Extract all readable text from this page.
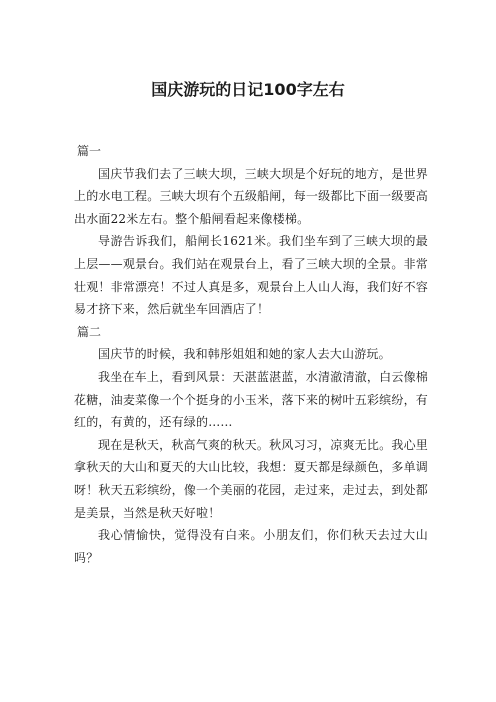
国庆游玩的日记100字左右

篇一

国庆节我们去了三峡大坝，三峡大坝是个好玩的地方，是世界上的水电工程。三峡大坝有个五级船闸，每一级都比下面一级要高出水面22米左右。整个船闸看起来像楼梯。

导游告诉我们，船闸长1621米。我们坐车到了三峡大坝的最上层——观景台。我们站在观景台上，看了三峡大坝的全景。非常壮观！非常漂亮！不过人真是多，观景台上人山人海，我们好不容易才挤下来，然后就坐车回酒店了！

篇二

国庆节的时候，我和韩彤姐姐和她的家人去大山游玩。

我坐在车上，看到风景：天湛蓝湛蓝，水清澈清澈，白云像棉花糖，油麦菜像一个个挺身的小玉米，落下来的树叶五彩缤纷，有红的，有黄的，还有绿的……

现在是秋天，秋高气爽的秋天。秋风习习，凉爽无比。我心里拿秋天的大山和夏天的大山比较，我想：夏天都是绿颜色，多单调呀！秋天五彩缤纷，像一个美丽的花园，走过来，走过去，到处都是美景，当然是秋天好啦！

我心情愉快，觉得没有白来。小朋友们，你们秋天去过大山吗？
